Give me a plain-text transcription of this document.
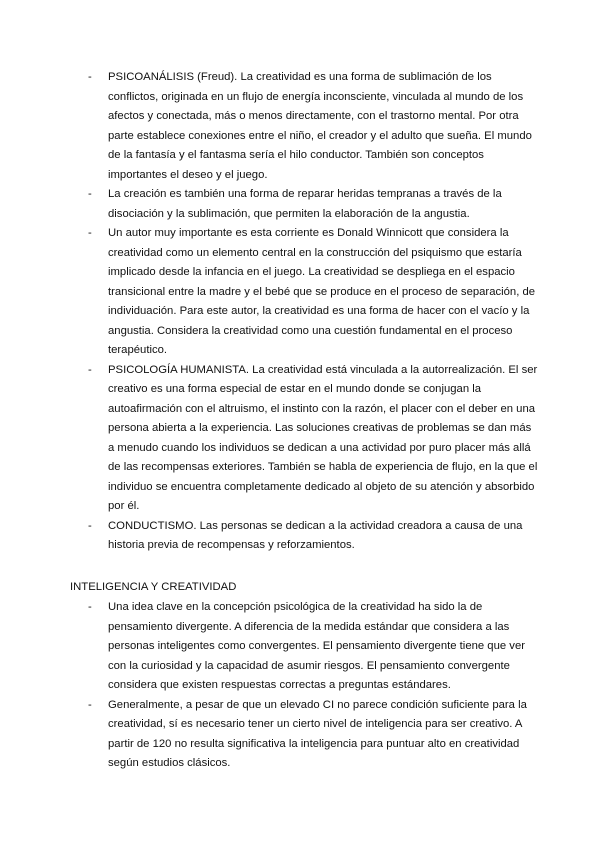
- PSICOANÁLISIS (Freud). La creatividad es una forma de sublimación de los conflictos, originada en un flujo de energía inconsciente, vinculada al mundo de los afectos y conectada, más o menos directamente, con el trastorno mental. Por otra parte establece conexiones entre el niño, el creador y el adulto que sueña. El mundo de la fantasía y el fantasma sería el hilo conductor. También son conceptos importantes el deseo y el juego.
- La creación es también una forma de reparar heridas tempranas a través de la disociación y la sublimación, que permiten la elaboración de la angustia.
- Un autor muy importante es esta corriente es Donald Winnicott que considera la creatividad como un elemento central en la construcción del psiquismo que estaría implicado desde la infancia en el juego. La creatividad se despliega en el espacio transicional entre la madre y el bebé que se produce en el proceso de separación, de individuación. Para este autor, la creatividad es una forma de hacer con el vacío y la angustia. Considera la creatividad como una cuestión fundamental en el proceso terapéutico.
- PSICOLOGÍA HUMANISTA. La creatividad está vinculada a la autorrealización. El ser creativo es una forma especial de estar en el mundo donde se conjugan la autoafirmación con el altruismo, el instinto con la razón, el placer con el deber en una persona abierta a la experiencia. Las soluciones creativas de problemas se dan más a menudo cuando los individuos se dedican a una actividad por puro placer más allá de las recompensas exteriores. También se habla de experiencia de flujo, en la que el individuo se encuentra completamente dedicado al objeto de su atención y absorbido por él.
- CONDUCTISMO. Las personas se dedican a la actividad creadora a causa de una historia previa de recompensas y reforzamientos.
INTELIGENCIA Y CREATIVIDAD
- Una idea clave en la concepción psicológica de la creatividad ha sido la de pensamiento divergente. A diferencia de la medida estándar que considera a las personas inteligentes como convergentes. El pensamiento divergente tiene que ver con la curiosidad y la capacidad de asumir riesgos. El pensamiento convergente considera que existen respuestas correctas a preguntas estándares.
- Generalmente, a pesar de que un elevado CI no parece condición suficiente para la creatividad, sí es necesario tener un cierto nivel de inteligencia para ser creativo. A partir de 120 no resulta significativa la inteligencia para puntuar alto en creatividad según estudios clásicos.
